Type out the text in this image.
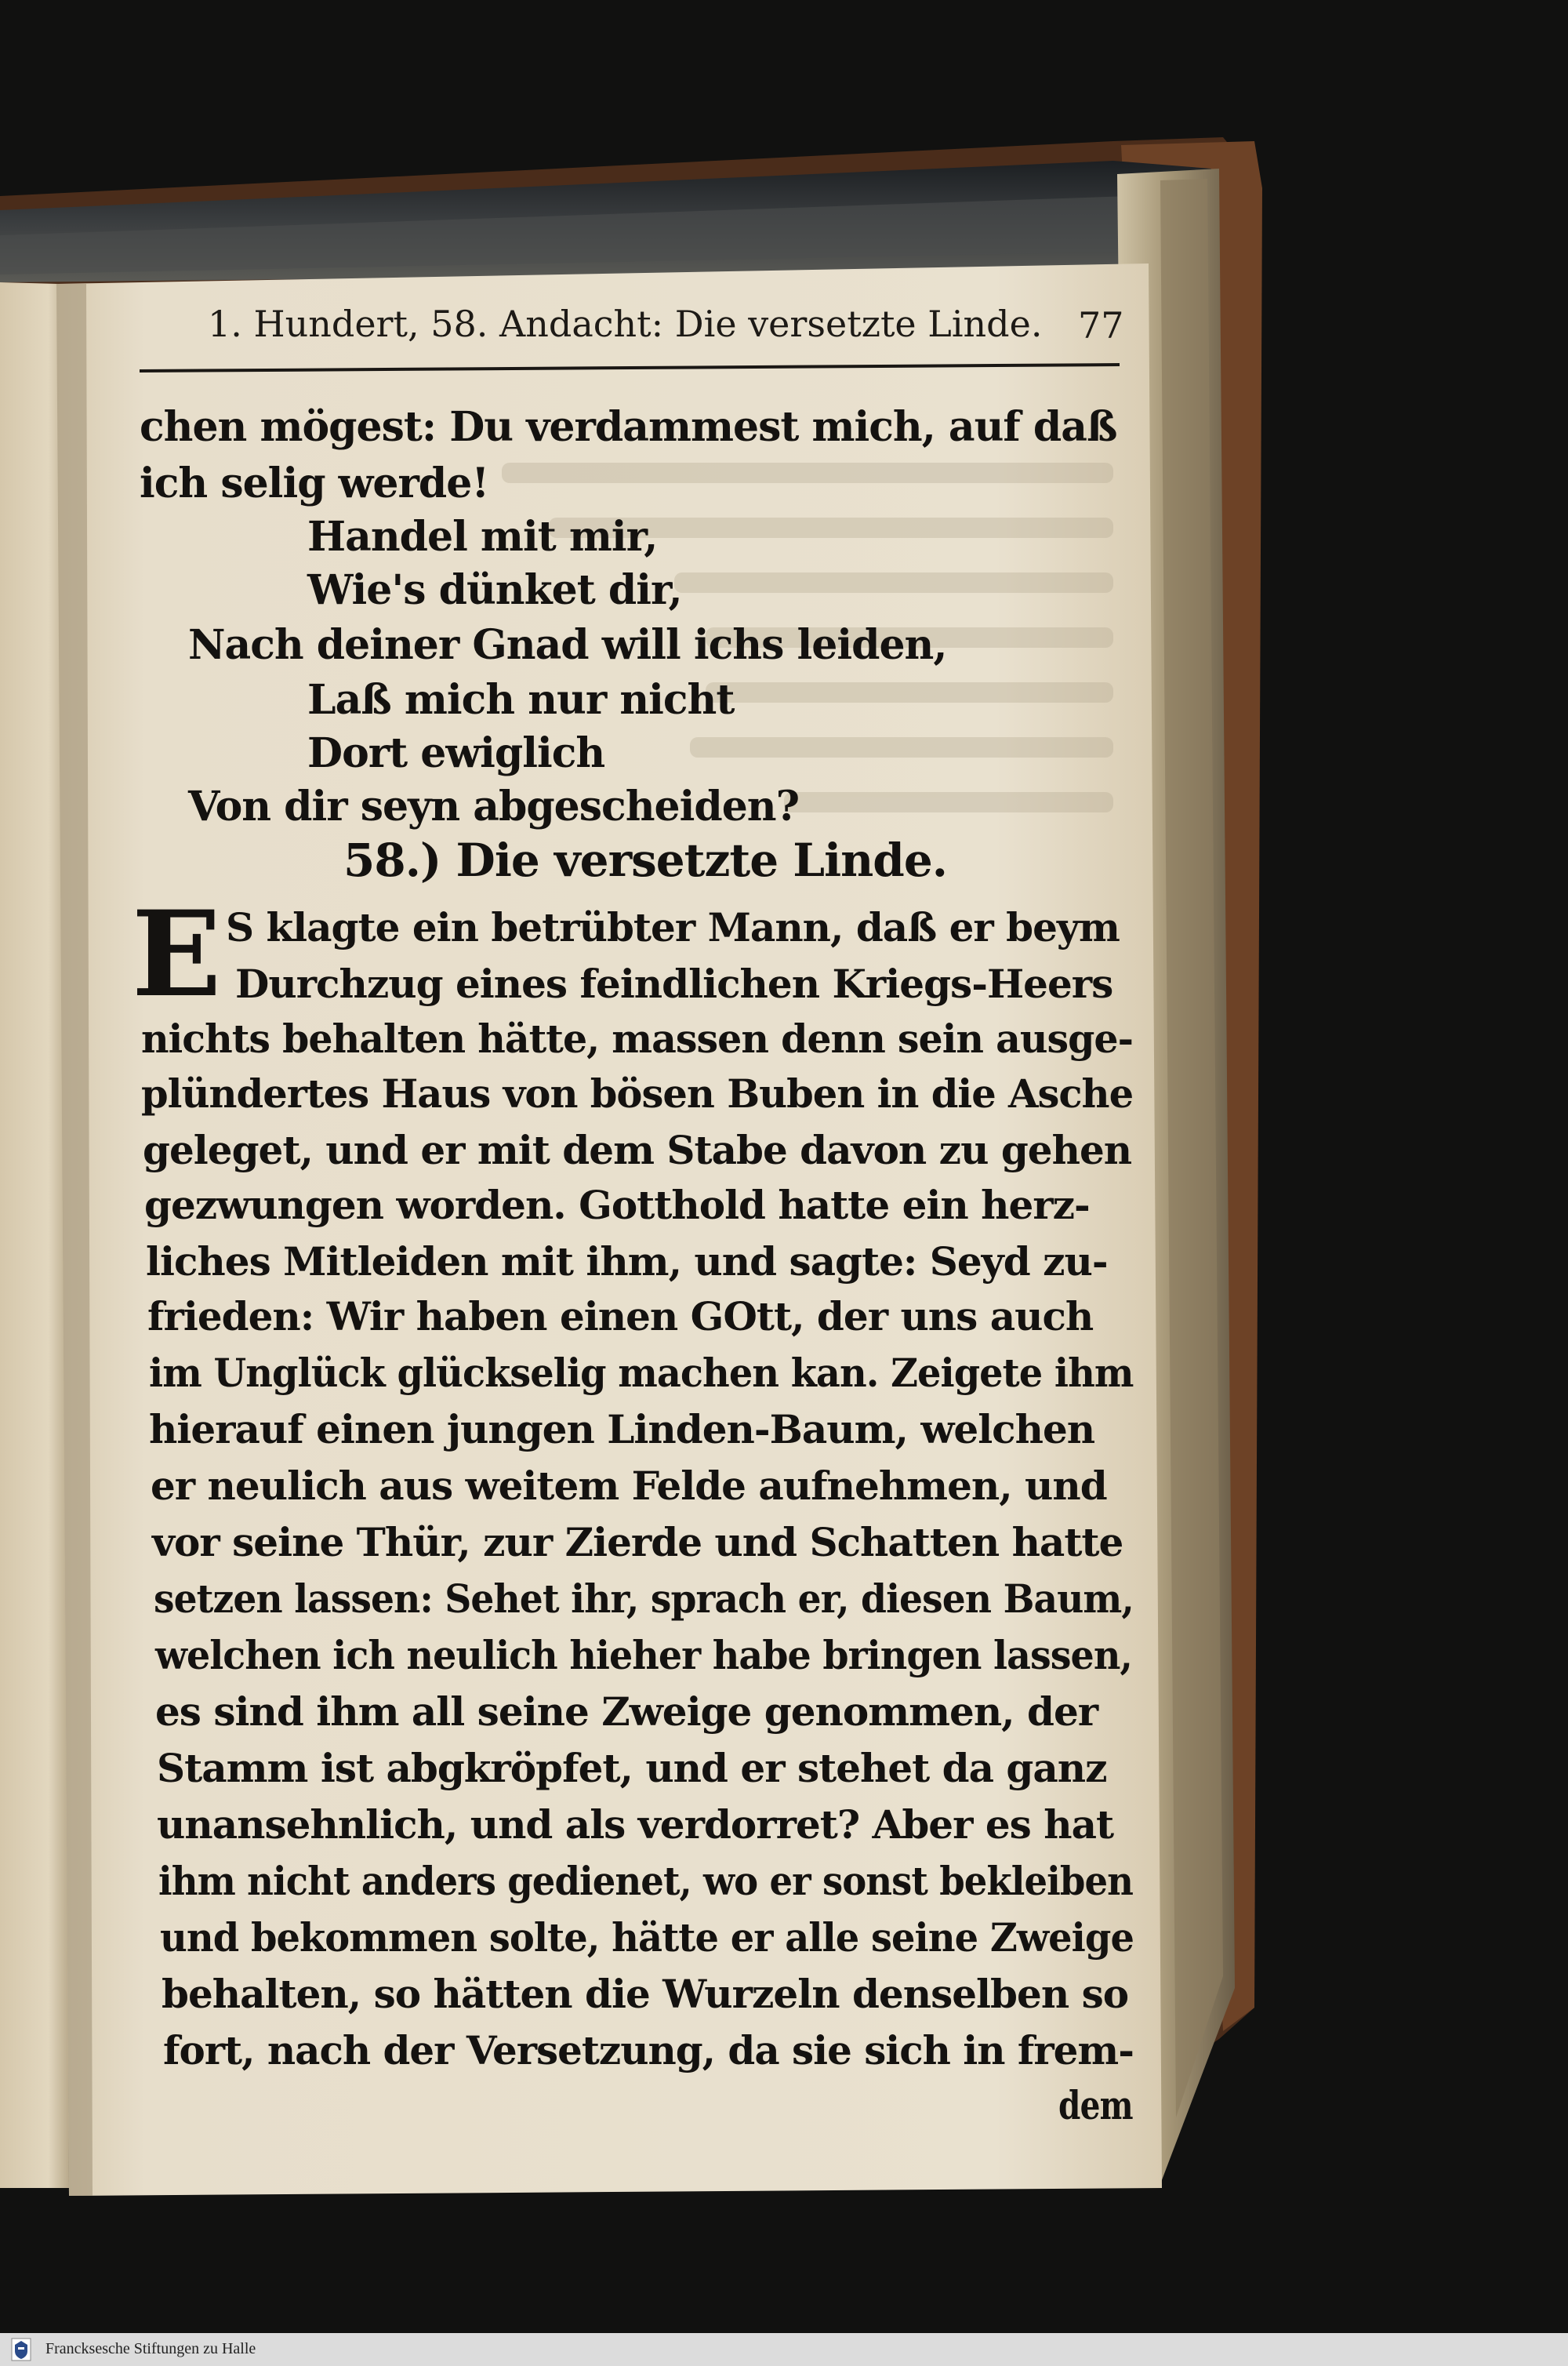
1. Hundert, 58. Andacht: Die versetzte Linde. 77
chen mögest: Du verdammest mich, auf daß
ich selig werde!
Handel mit mir,
Wie's dünket dir,
Nach deiner Gnad will ichs leiden,
Laß mich nur nicht
Dort ewiglich
Von dir seyn abgescheiden?
58.) Die versetzte Linde.
E S klagte ein betrübter Mann, daß er beym
Durchzug eines feindlichen Kriegs-Heers
nichts behalten hätte, massen denn sein ausge-
plündertes Haus von bösen Buben in die Asche
geleget, und er mit dem Stabe davon zu gehen
gezwungen worden. Gotthold hatte ein herz-
liches Mitleiden mit ihm, und sagte: Seyd zu-
frieden: Wir haben einen GOtt, der uns auch
im Unglück glückselig machen kan. Zeigete ihm
hierauf einen jungen Linden-Baum, welchen
er neulich aus weitem Felde aufnehmen, und
vor seine Thür, zur Zierde und Schatten hatte
setzen lassen: Sehet ihr, sprach er, diesen Baum,
welchen ich neulich hieher habe bringen lassen,
es sind ihm all seine Zweige genommen, der
Stamm ist abgkröpfet, und er stehet da ganz
unansehnlich, und als verdorret? Aber es hat
ihm nicht anders gedienet, wo er sonst bekleiben
und bekommen solte, hätte er alle seine Zweige
behalten, so hätten die Wurzeln denselben so
fort, nach der Versetzung, da sie sich in frem-
dem
Francksesche Stiftungen zu Halle
